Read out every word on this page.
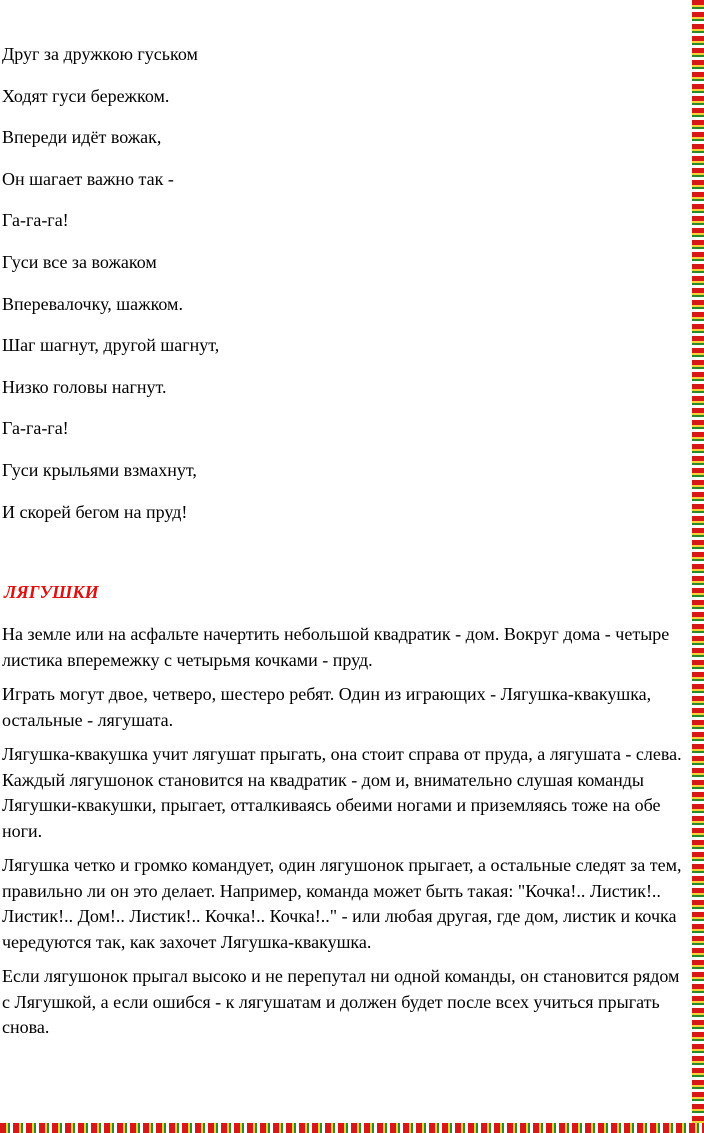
Друг за дружкою гуськом
Ходят гуси бережком.
Впереди идёт вожак,
Он шагает важно так -
Га-га-га!
Гуси все за вожаком
Вперевалочку, шажком.
Шаг шагнут, другой шагнут,
Низко головы нагнут.
Га-га-га!
Гуси крыльями взмахнут,
И скорей бегом на пруд!
ЛЯГУШКИ

На земле или на асфальте начертить небольшой квадратик - дом. Вокруг дома - четыре листика вперемежку с четырьмя кочками - пруд.

Играть могут двое, четверо, шестеро ребят. Один из играющих - Лягушка-квакушка, остальные - лягушата.

Лягушка-квакушка учит лягушат прыгать, она стоит справа от пруда, а лягушата - слева. Каждый лягушонок становится на квадратик - дом и, внимательно слушая команды Лягушки-квакушки, прыгает, отталкиваясь обеими ногами и приземляясь тоже на обе ноги.

Лягушка четко и громко командует, один лягушонок прыгает, а остальные следят за тем, правильно ли он это делает. Например, команда может быть такая: "Кочка!.. Листик!.. Листик!.. Дом!.. Листик!.. Кочка!.. Кочка!.." - или любая другая, где дом, листик и кочка чередуются так, как захочет Лягушка-квакушка.

Если лягушонок прыгал высоко и не перепутал ни одной команды, он становится рядом с Лягушкой, а если ошибся - к лягушатам и должен будет после всех учиться прыгать снова.
